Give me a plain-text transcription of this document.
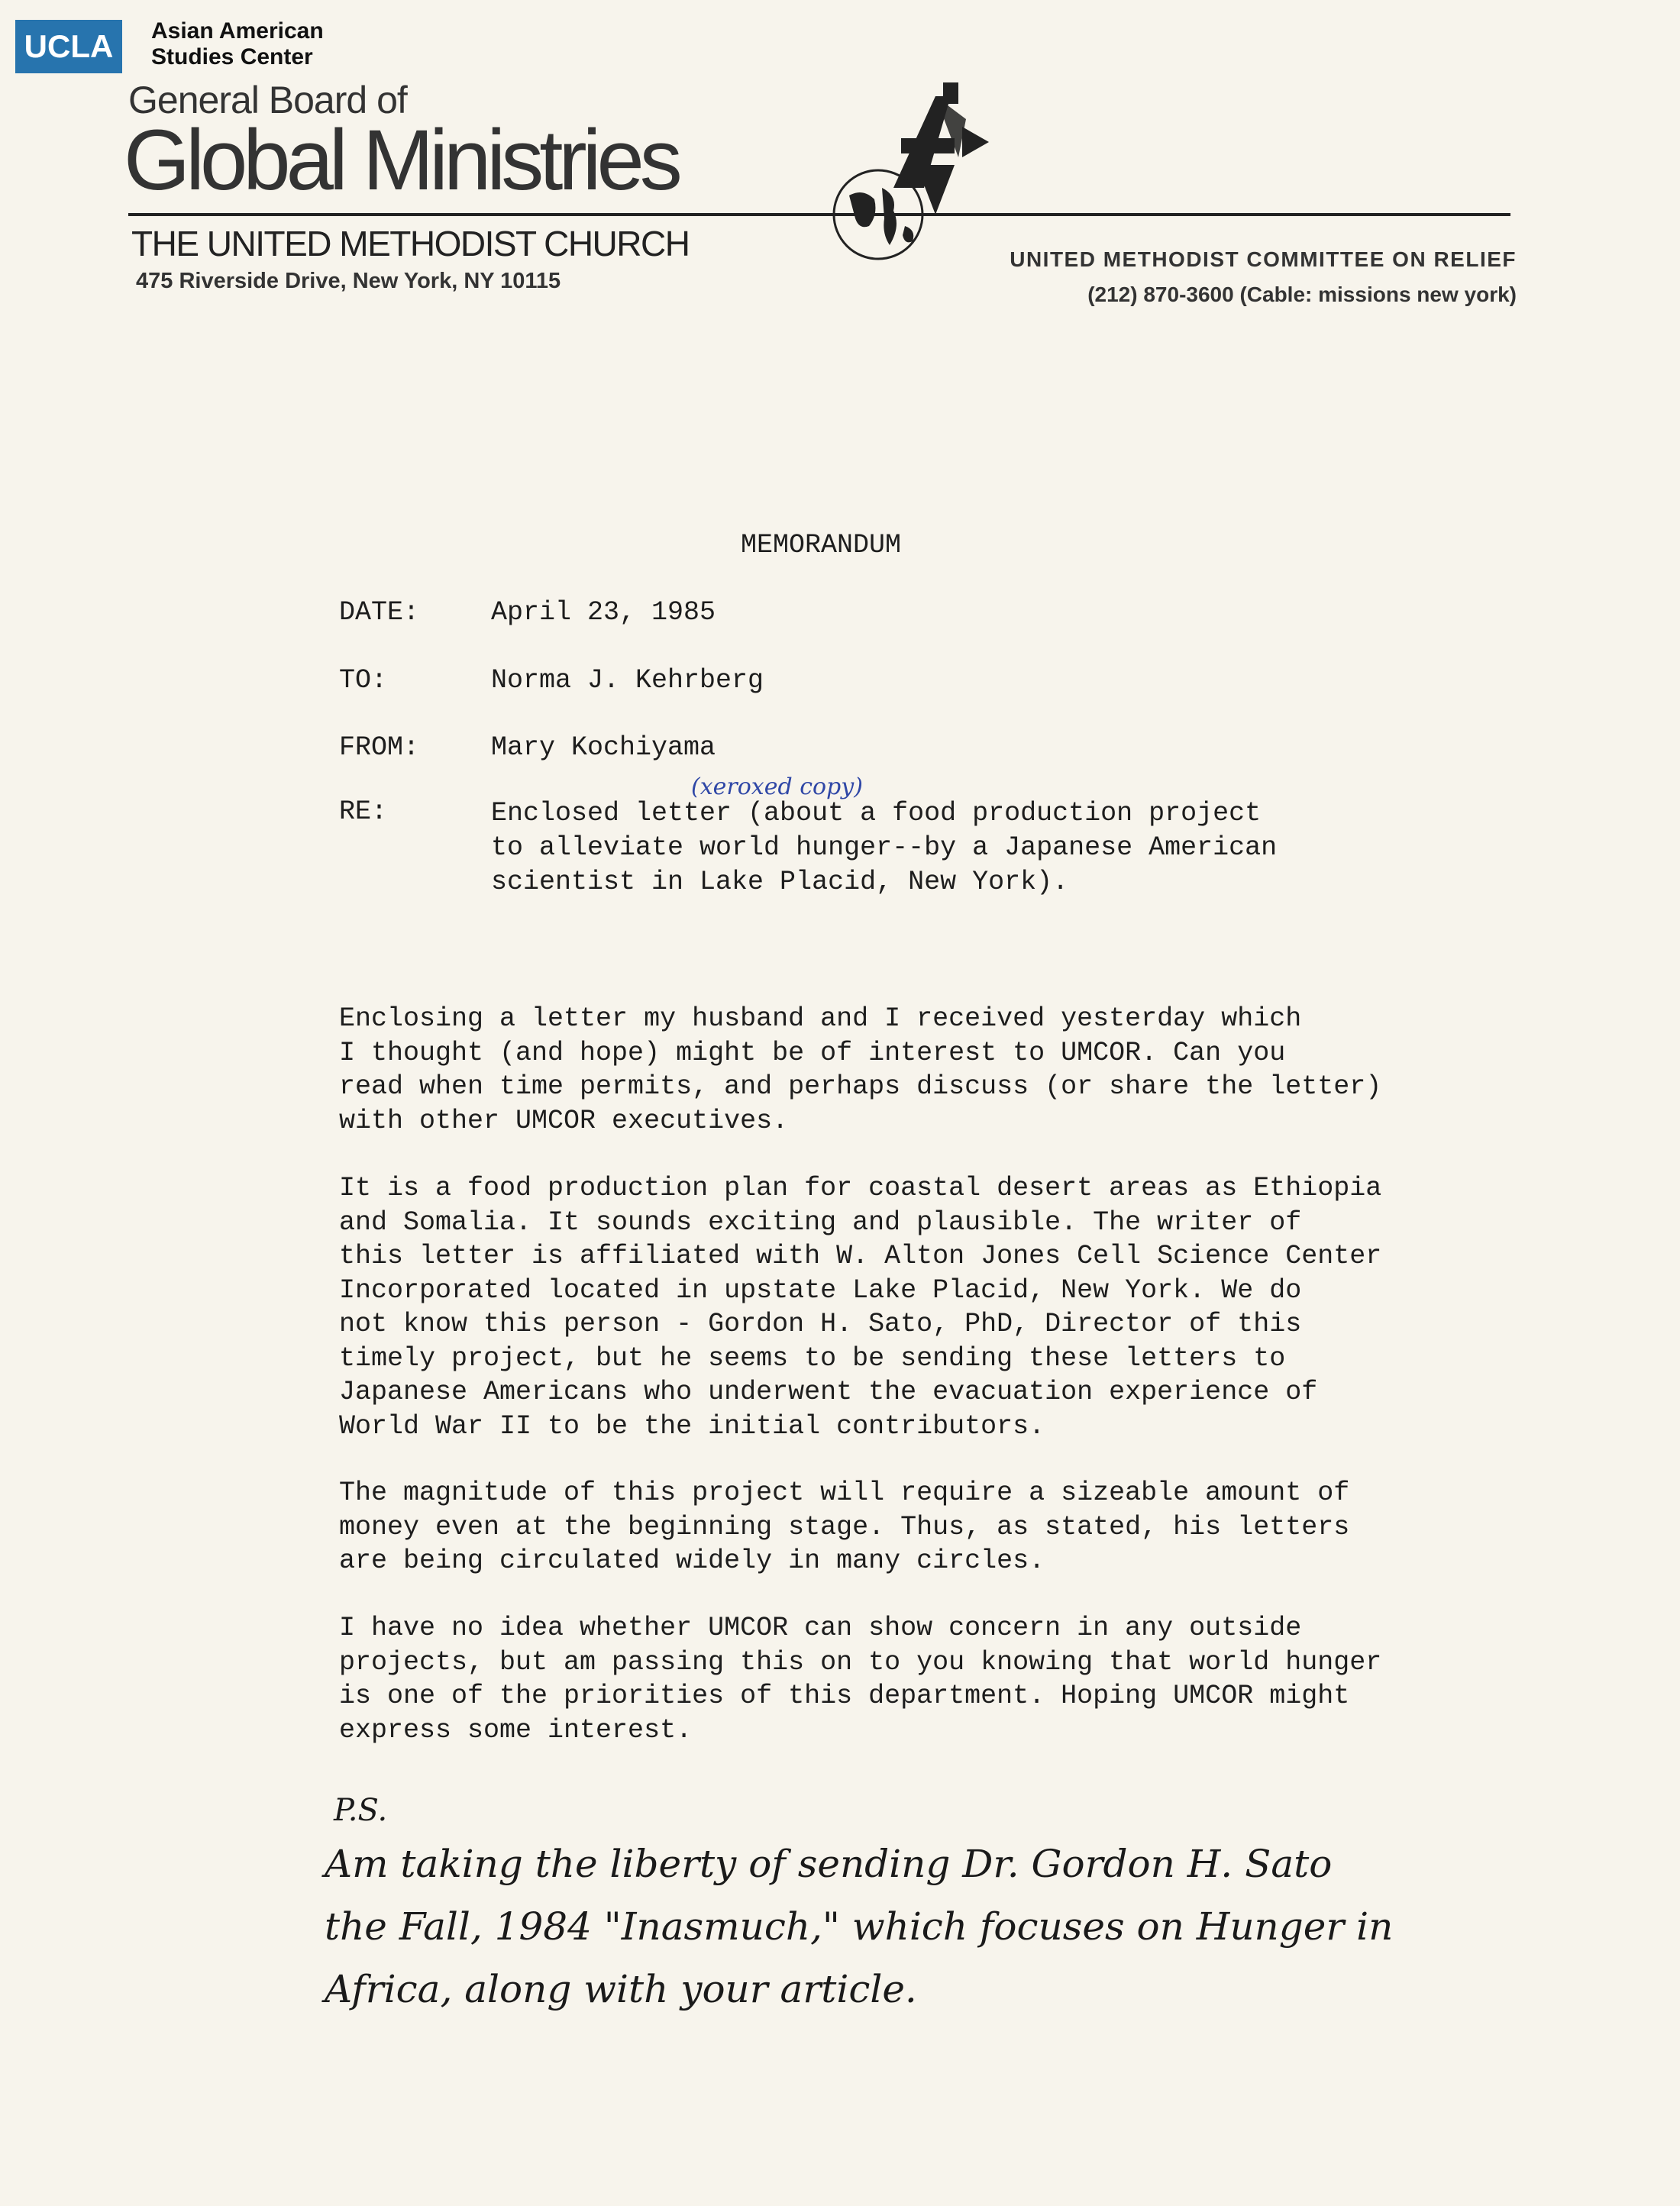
UCLA	Asian American
Studies Center
General Board of
Global Ministries
THE UNITED METHODIST CHURCH
475 Riverside Drive, New York, NY 10115
UNITED METHODIST COMMITTEE ON RELIEF
(212) 870-3600 (Cable: missions new york)
MEMORANDUM
DATE:	April 23, 1985
TO:	Norma J. Kehrberg
FROM:	Mary Kochiyama
RE:
(xeroxed copy)
Enclosed letter (about a food production project
to alleviate world hunger--by a Japanese American
scientist in Lake Placid, New York).
Enclosing a letter my husband and I received yesterday which
I thought (and hope) might be of interest to UMCOR. Can you
read when time permits, and perhaps discuss (or share the letter)
with other UMCOR executives.
It is a food production plan for coastal desert areas as Ethiopia
and Somalia. It sounds exciting and plausible. The writer of
this letter is affiliated with W. Alton Jones Cell Science Center
Incorporated located in upstate Lake Placid, New York. We do
not know this person - Gordon H. Sato, PhD, Director of this
timely project, but he seems to be sending these letters to
Japanese Americans who underwent the evacuation experience of
World War II to be the initial contributors.
The magnitude of this project will require a sizeable amount of
money even at the beginning stage. Thus, as stated, his letters
are being circulated widely in many circles.
I have no idea whether UMCOR can show concern in any outside
projects, but am passing this on to you knowing that world hunger
is one of the priorities of this department. Hoping UMCOR might
express some interest.
P.S.
Am taking the liberty of sending Dr. Gordon H. Sato
the Fall, 1984 "Inasmuch," which focuses on Hunger in
Africa, along with your article.
